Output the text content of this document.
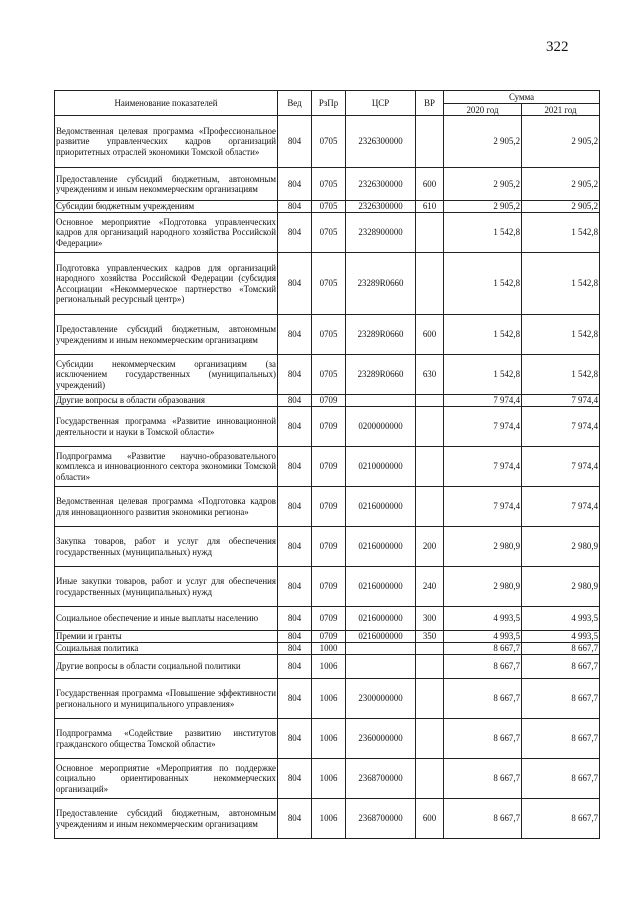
322
Наименование показателей	Вед	РзПр	ЦСР	ВР	Сумма	
					2020 год	2021 год
Ведомственная целевая программа «Профессиональное развитие управленческих кадров организаций приоритетных отраслей экономики Томской области»	804	0705	2326300000		2 905,2	2 905,2
Предоставление субсидий бюджетным, автономным учреждениям и иным некоммерческим организациям	804	0705	2326300000	600	2 905,2	2 905,2
Субсидии бюджетным учреждениям	804	0705	2326300000	610	2 905,2	2 905,2
Основное мероприятие «Подготовка управленческих кадров для организаций народного хозяйства Российской Федерации»	804	0705	2328900000		1 542,8	1 542,8
Подготовка управленческих кадров для организаций народного хозяйства Российской Федерации (субсидия Ассоциации «Некоммерческое партнерство «Томский региональный ресурсный центр»)	804	0705	23289R0660		1 542,8	1 542,8
Предоставление субсидий бюджетным, автономным учреждениям и иным некоммерческим организациям	804	0705	23289R0660	600	1 542,8	1 542,8
Субсидии некоммерческим организациям (за исключением государственных (муниципальных) учреждений)	804	0705	23289R0660	630	1 542,8	1 542,8
Другие вопросы в области образования	804	0709			7 974,4	7 974,4
Государственная программа «Развитие инновационной деятельности и науки в Томской области»	804	0709	0200000000		7 974,4	7 974,4
Подпрограмма «Развитие научно-образовательного комплекса и инновационного сектора экономики Томской области»	804	0709	0210000000		7 974,4	7 974,4
Ведомственная целевая программа «Подготовка кадров для инновационного развития экономики региона»	804	0709	0216000000		7 974,4	7 974,4
Закупка товаров, работ и услуг для обеспечения государственных (муниципальных) нужд	804	0709	0216000000	200	2 980,9	2 980,9
Иные закупки товаров, работ и услуг для обеспечения государственных (муниципальных) нужд	804	0709	0216000000	240	2 980,9	2 980,9
Социальное обеспечение и иные выплаты населению	804	0709	0216000000	300	4 993,5	4 993,5
Премии и гранты	804	0709	0216000000	350	4 993,5	4 993,5
Социальная политика	804	1000			8 667,7	8 667,7
Другие вопросы в области социальной политики	804	1006			8 667,7	8 667,7
Государственная программа «Повышение эффективности регионального и муниципального управления»	804	1006	2300000000		8 667,7	8 667,7
Подпрограмма «Содействие развитию институтов гражданского общества Томской области»	804	1006	2360000000		8 667,7	8 667,7
Основное мероприятие «Мероприятия по поддержке социально ориентированных некоммерческих организаций»	804	1006	2368700000		8 667,7	8 667,7
Предоставление субсидий бюджетным, автономным учреждениям и иным некоммерческим организациям	804	1006	2368700000	600	8 667,7	8 667,7
